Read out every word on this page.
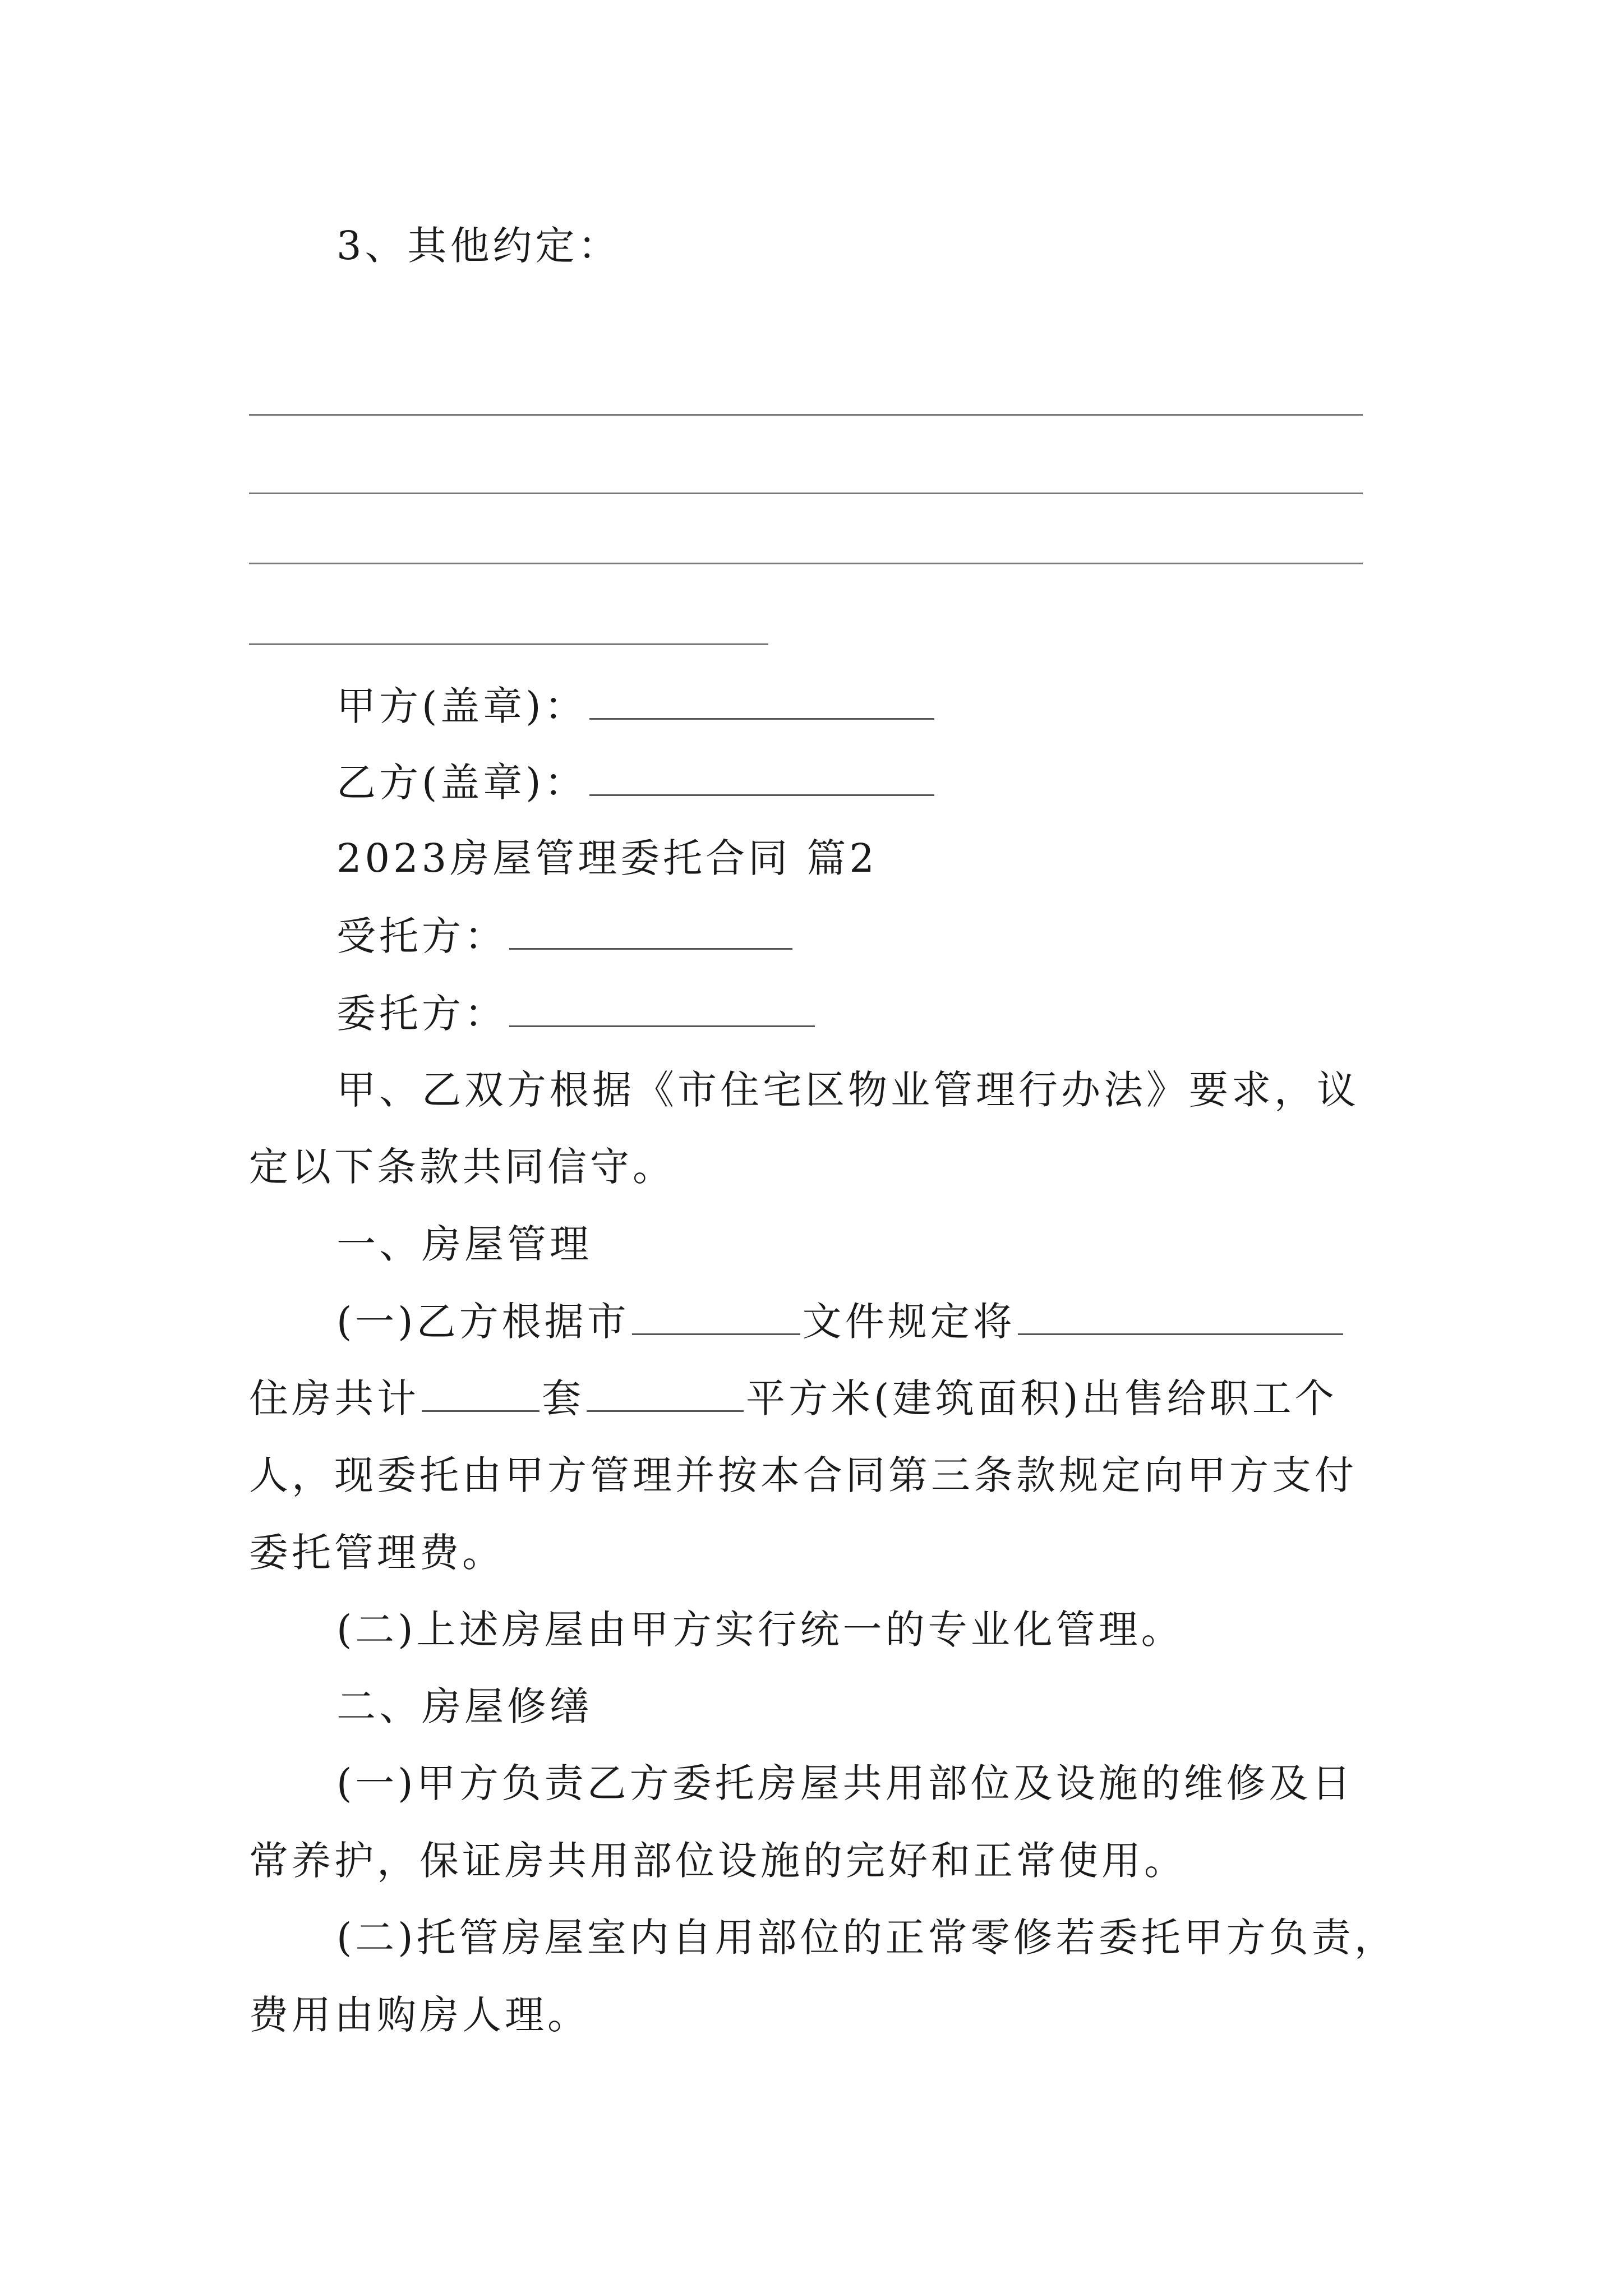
3、其他约定：
甲方(盖章)：
乙方(盖章)：
2023房屋管理委托合同 篇2
受托方：
委托方：
甲、乙双方根据《市住宅区物业管理行办法》要求，议
定以下条款共同信守。
一、房屋管理
(一)乙方根据市	文件规定将
住房共计	套	平方米(建筑面积)出售给职工个
人，现委托由甲方管理并按本合同第三条款规定向甲方支付
委托管理费。
(二)上述房屋由甲方实行统一的专业化管理。
二、房屋修缮
(一)甲方负责乙方委托房屋共用部位及设施的维修及日
常养护，保证房共用部位设施的完好和正常使用。
(二)托管房屋室内自用部位的正常零修若委托甲方负责，
费用由购房人理。
